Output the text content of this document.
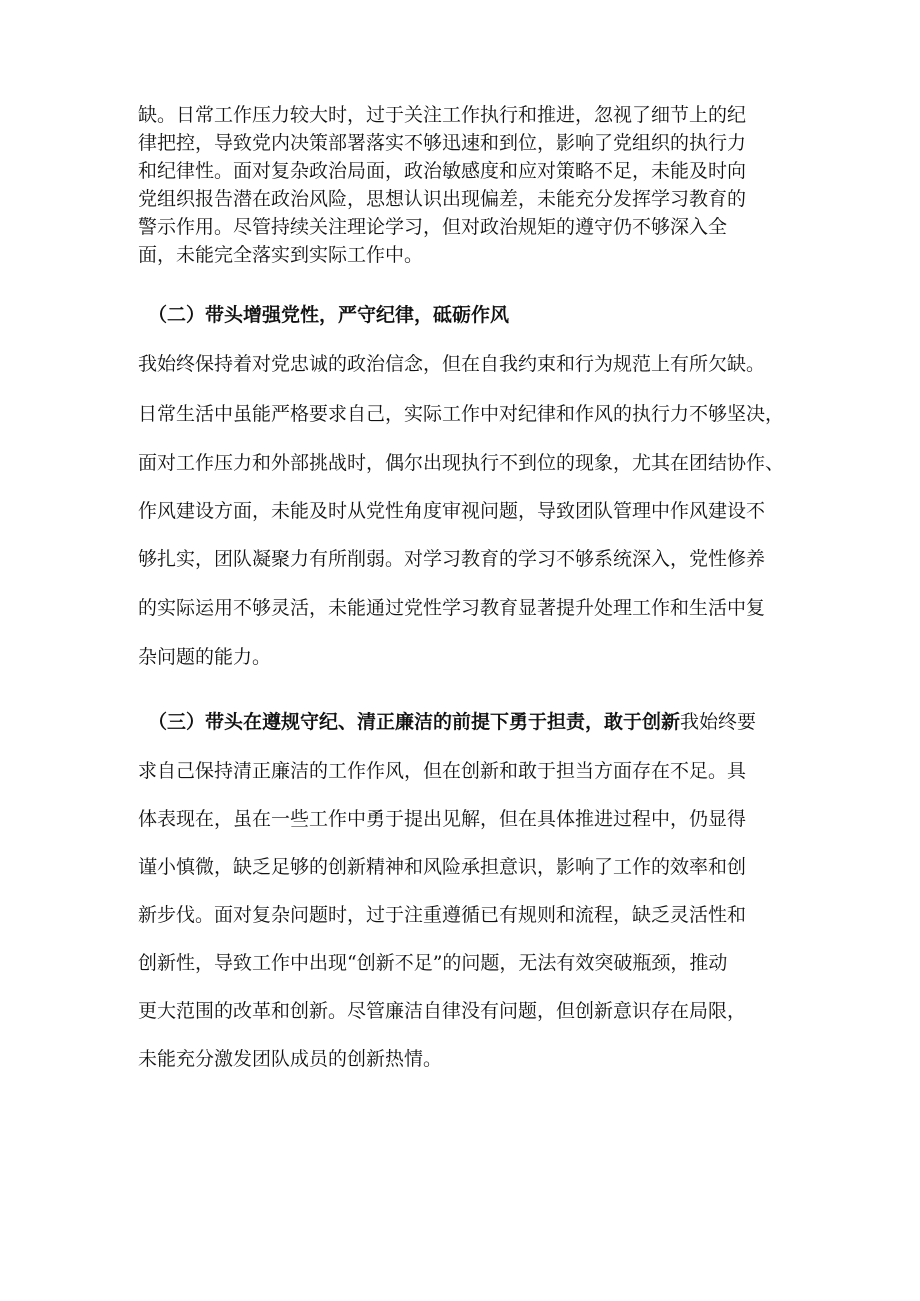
缺。日常工作压力较大时，过于关注工作执行和推进，忽视了细节上的纪
律把控，导致党内决策部署落实不够迅速和到位，影响了党组织的执行力
和纪律性。面对复杂政治局面，政治敏感度和应对策略不足，未能及时向
党组织报告潜在政治风险，思想认识出现偏差，未能充分发挥学习教育的
警示作用。尽管持续关注理论学习，但对政治规矩的遵守仍不够深入全
面，未能完全落实到实际工作中。
（二）带头增强党性，严守纪律，砥砺作风
我始终保持着对党忠诚的政治信念，但在自我约束和行为规范上有所欠缺。
日常生活中虽能严格要求自己，实际工作中对纪律和作风的执行力不够坚决，
面对工作压力和外部挑战时，偶尔出现执行不到位的现象，尤其在团结协作、
作风建设方面，未能及时从党性角度审视问题，导致团队管理中作风建设不
够扎实，团队凝聚力有所削弱。对学习教育的学习不够系统深入，党性修养
的实际运用不够灵活，未能通过党性学习教育显著提升处理工作和生活中复
杂问题的能力。
（三）带头在遵规守纪、清正廉洁的前提下勇于担责，敢于创新我始终要
求自己保持清正廉洁的工作作风，但在创新和敢于担当方面存在不足。具
体表现在，虽在一些工作中勇于提出见解，但在具体推进过程中，仍显得
谨小慎微，缺乏足够的创新精神和风险承担意识，影响了工作的效率和创
新步伐。面对复杂问题时，过于注重遵循已有规则和流程，缺乏灵活性和
创新性，导致工作中出现“创新不足”的问题，无法有效突破瓶颈，推动
更大范围的改革和创新。尽管廉洁自律没有问题，但创新意识存在局限，
未能充分激发团队成员的创新热情。
